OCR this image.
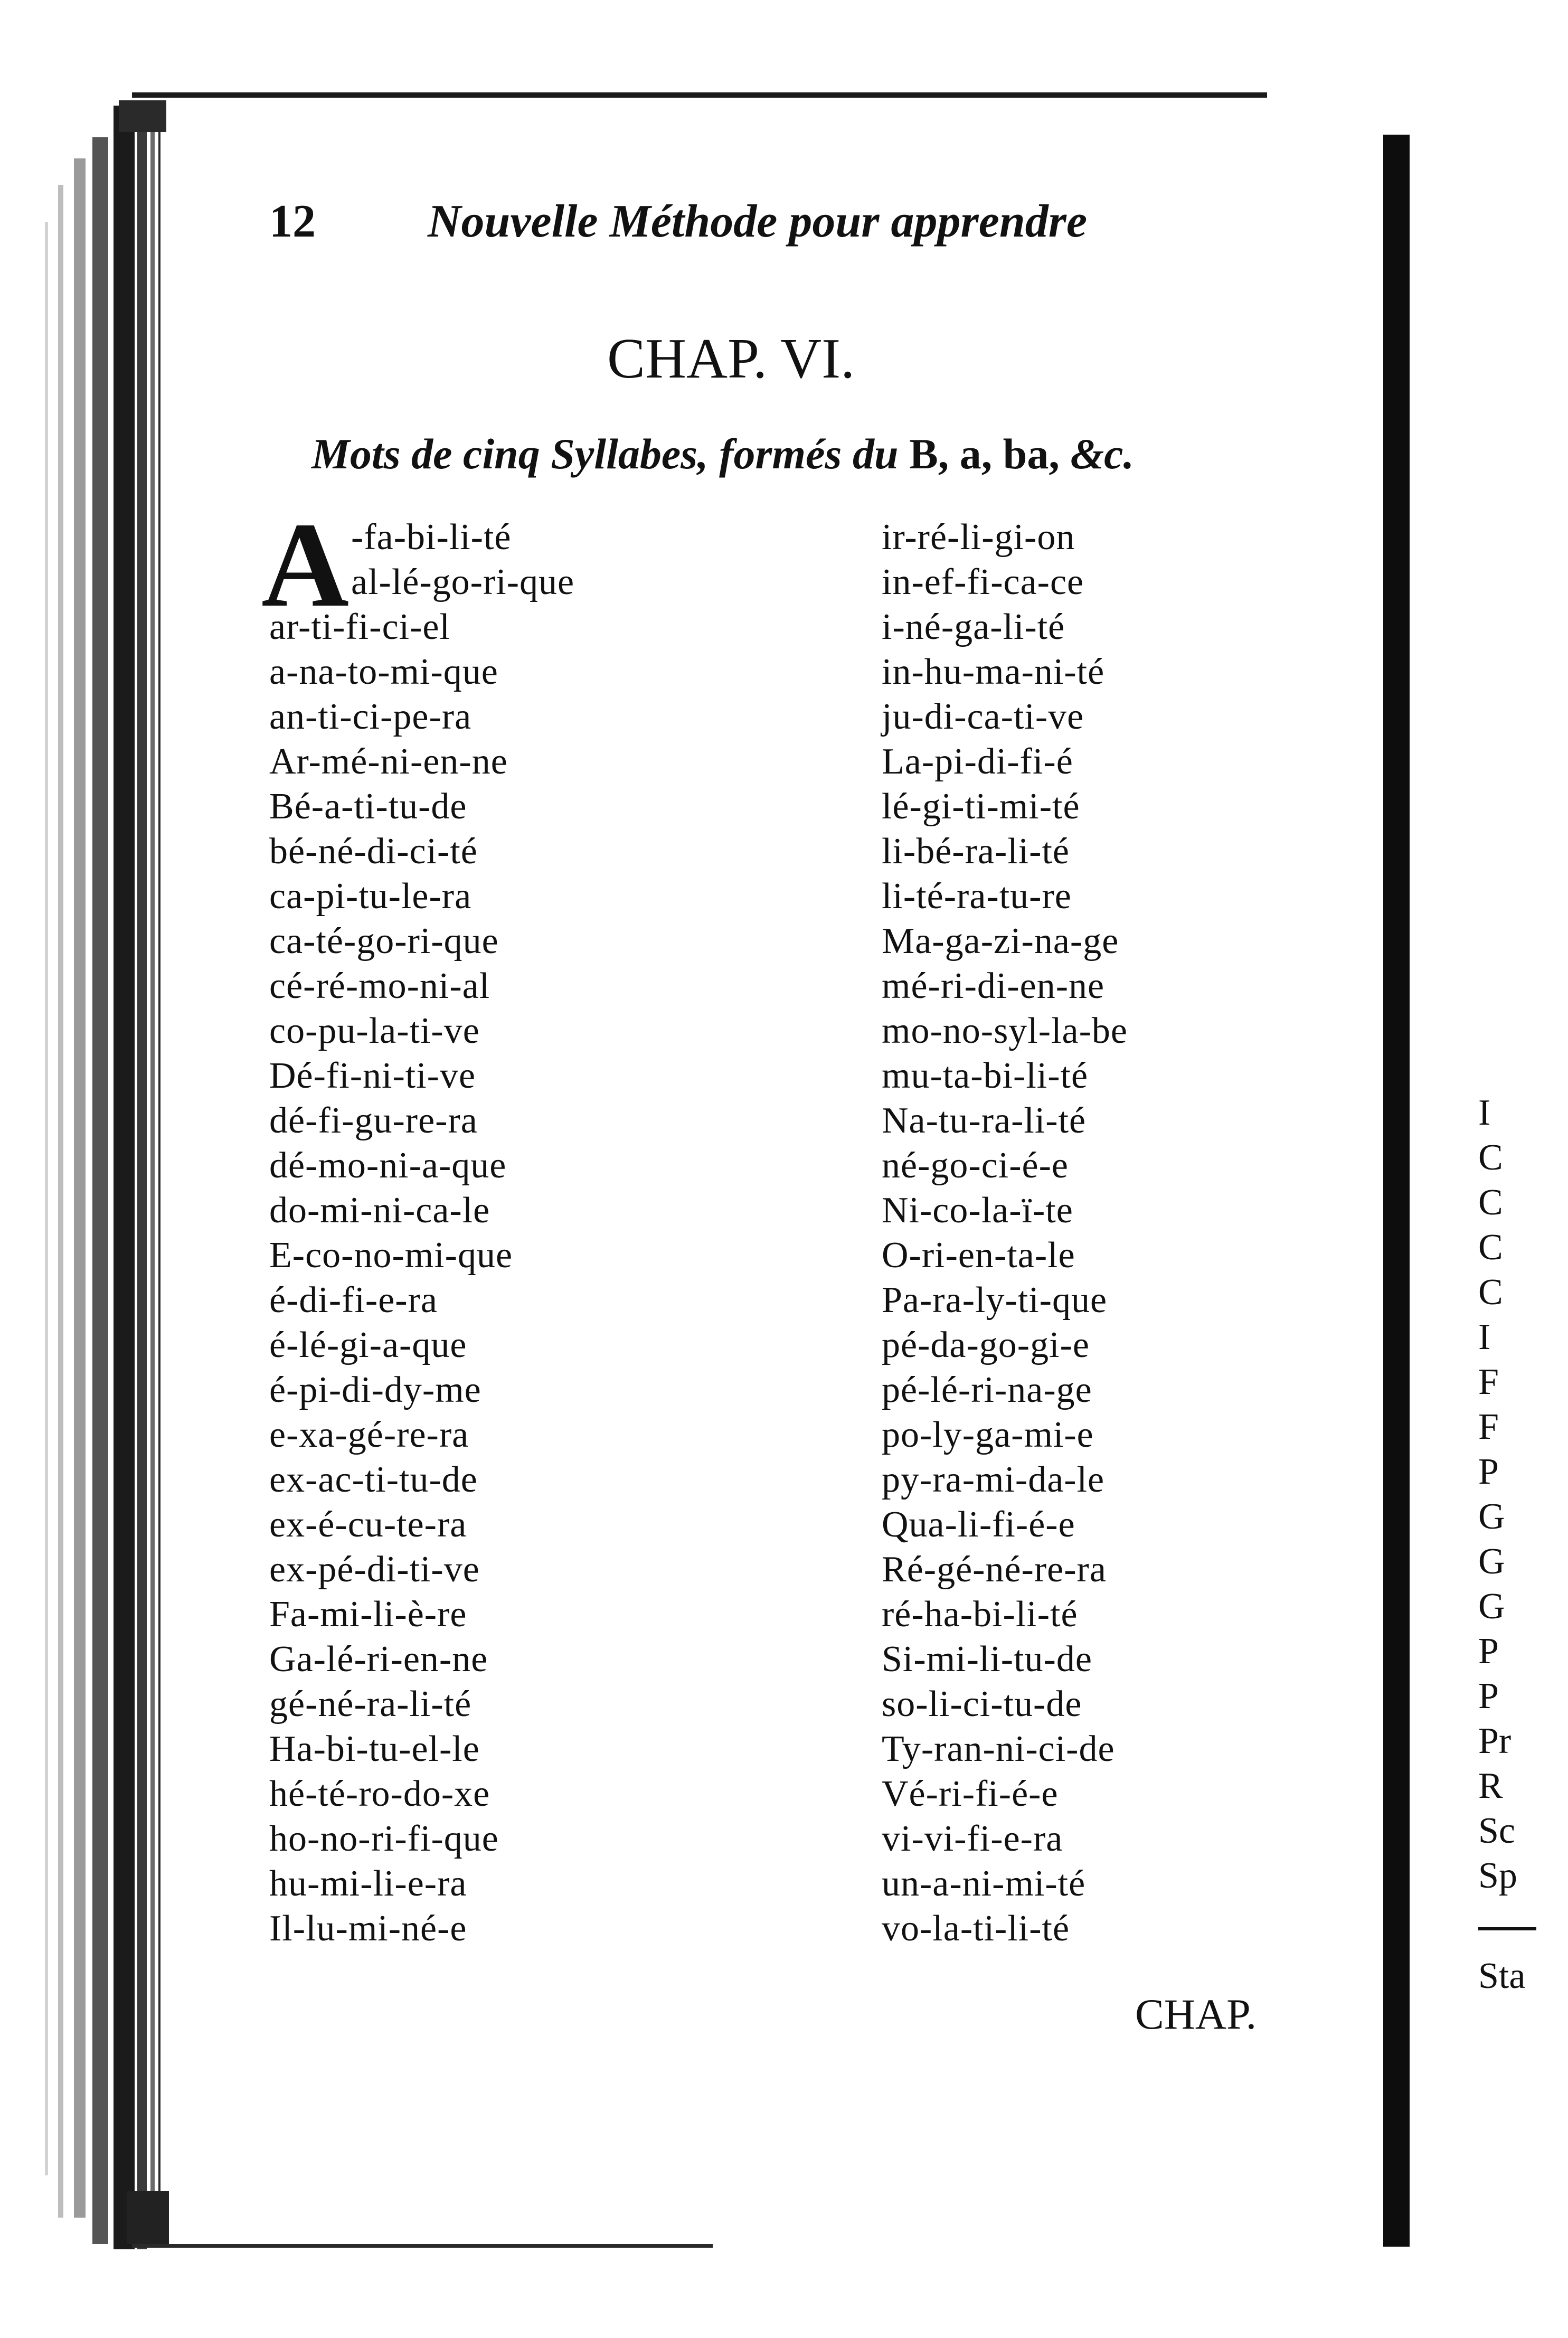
12 Nouvelle Méthode pour apprendre
CHAP. VI.
Mots de cinq Syllabes, formés du B, a, ba, &c.
A -fa-bi-li-té
al-lé-go-ri-que
ar-ti-fi-ci-el
a-na-to-mi-que
an-ti-ci-pe-ra
Ar-mé-ni-en-ne
Bé-a-ti-tu-de
bé-né-di-ci-té
ca-pi-tu-le-ra
ca-té-go-ri-que
cé-ré-mo-ni-al
co-pu-la-ti-ve
Dé-fi-ni-ti-ve
dé-fi-gu-re-ra
dé-mo-ni-a-que
do-mi-ni-ca-le
E-co-no-mi-que
é-di-fi-e-ra
é-lé-gi-a-que
é-pi-di-dy-me
e-xa-gé-re-ra
ex-ac-ti-tu-de
ex-é-cu-te-ra
ex-pé-di-ti-ve
Fa-mi-li-è-re
Ga-lé-ri-en-ne
gé-né-ra-li-té
Ha-bi-tu-el-le
hé-té-ro-do-xe
ho-no-ri-fi-que
hu-mi-li-e-ra
Il-lu-mi-né-e
ir-ré-li-gi-on
in-ef-fi-ca-ce
i-né-ga-li-té
in-hu-ma-ni-té
ju-di-ca-ti-ve
La-pi-di-fi-é
lé-gi-ti-mi-té
li-bé-ra-li-té
li-té-ra-tu-re
Ma-ga-zi-na-ge
mé-ri-di-en-ne
mo-no-syl-la-be
mu-ta-bi-li-té
Na-tu-ra-li-té
né-go-ci-é-e
Ni-co-la-ï-te
O-ri-en-ta-le
Pa-ra-ly-ti-que
pé-da-go-gi-e
pé-lé-ri-na-ge
po-ly-ga-mi-e
py-ra-mi-da-le
Qua-li-fi-é-e
Ré-gé-né-re-ra
ré-ha-bi-li-té
Si-mi-li-tu-de
so-li-ci-tu-de
Ty-ran-ni-ci-de
Vé-ri-fi-é-e
vi-vi-fi-e-ra
un-a-ni-mi-té
vo-la-ti-li-té
CHAP.
I
C
C
C
C
I
F
F
P
G
G
G
P
P
Pr
R
Sc
Sp
Sta
